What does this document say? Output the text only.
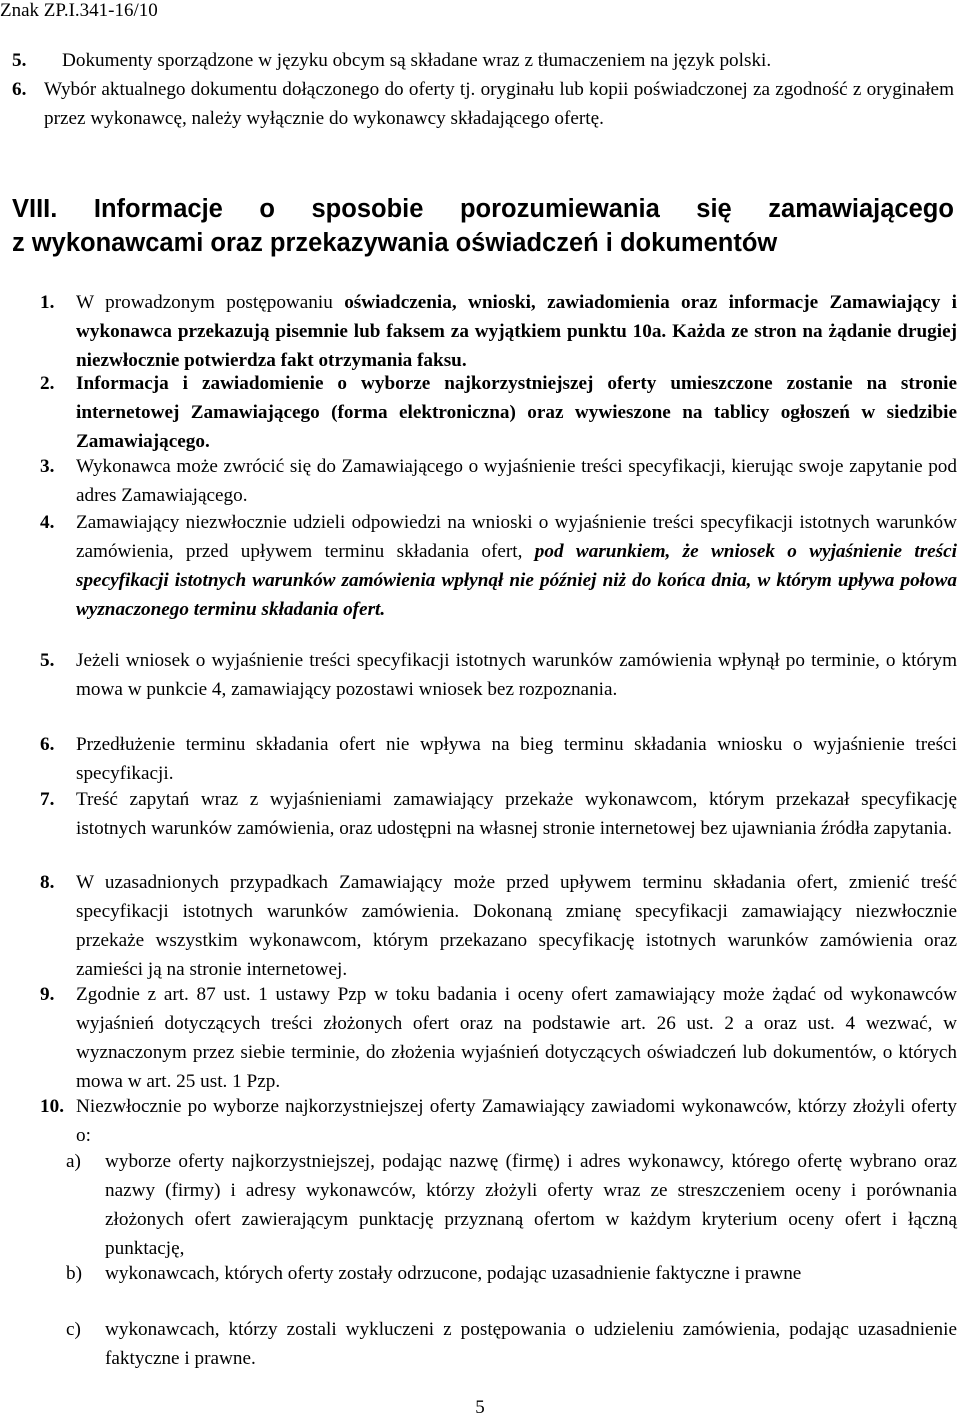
Znak ZP.I.341-16/10
5. Dokumenty sporządzone w języku obcym są składane wraz z tłumaczeniem na język polski.
6. Wybór aktualnego dokumentu dołączonego do oferty tj. oryginału lub kopii poświadczonej za zgodność z oryginałem przez wykonawcę, należy wyłącznie do wykonawcy składającego ofertę.
VIII. Informacje o sposobie porozumiewania się zamawiającego
z wykonawcami oraz przekazywania oświadczeń i dokumentów
1. W prowadzonym postępowaniu oświadczenia, wnioski, zawiadomienia oraz informacje Zamawiający i wykonawca przekazują pisemnie lub faksem za wyjątkiem punktu 10a. Każda ze stron na żądanie drugiej niezwłocznie potwierdza fakt otrzymania faksu.
2. Informacja i zawiadomienie o wyborze najkorzystniejszej oferty umieszczone zostanie na stronie internetowej Zamawiającego (forma elektroniczna) oraz wywieszone na tablicy ogłoszeń w siedzibie Zamawiającego.
3. Wykonawca może zwrócić się do Zamawiającego o wyjaśnienie treści specyfikacji, kierując swoje zapytanie pod adres Zamawiającego.
4. Zamawiający niezwłocznie udzieli odpowiedzi na wnioski o wyjaśnienie treści specyfikacji istotnych warunków zamówienia, przed upływem terminu składania ofert, pod warunkiem, że wniosek o wyjaśnienie treści specyfikacji istotnych warunków zamówienia wpłynął nie później niż do końca dnia, w którym upływa połowa wyznaczonego terminu składania ofert.
5. Jeżeli wniosek o wyjaśnienie treści specyfikacji istotnych warunków zamówienia wpłynął po terminie, o którym mowa w punkcie 4, zamawiający pozostawi wniosek bez rozpoznania.
6. Przedłużenie terminu składania ofert nie wpływa na bieg terminu składania wniosku o wyjaśnienie treści specyfikacji.
7. Treść zapytań wraz z wyjaśnieniami zamawiający przekaże wykonawcom, którym przekazał specyfikację istotnych warunków zamówienia, oraz udostępni na własnej stronie internetowej bez ujawniania źródła zapytania.
8. W uzasadnionych przypadkach Zamawiający może przed upływem terminu składania ofert, zmienić treść specyfikacji istotnych warunków zamówienia. Dokonaną zmianę specyfikacji zamawiający niezwłocznie przekaże wszystkim wykonawcom, którym przekazano specyfikację istotnych warunków zamówienia oraz zamieści ją na stronie internetowej.
9. Zgodnie z art. 87 ust. 1 ustawy Pzp w toku badania i oceny ofert zamawiający może żądać od wykonawców wyjaśnień dotyczących treści złożonych ofert oraz na podstawie art. 26 ust. 2 a oraz ust. 4 wezwać, w wyznaczonym przez siebie terminie, do złożenia wyjaśnień dotyczących oświadczeń lub dokumentów, o których mowa w art. 25 ust. 1 Pzp.
10. Niezwłocznie po wyborze najkorzystniejszej oferty Zamawiający zawiadomi wykonawców, którzy złożyli oferty o:
a) wyborze oferty najkorzystniejszej, podając nazwę (firmę) i adres wykonawcy, którego ofertę wybrano oraz nazwy (firmy) i adresy wykonawców, którzy złożyli oferty wraz ze streszczeniem oceny i porównania złożonych ofert zawierającym punktację przyznaną ofertom w każdym kryterium oceny ofert i łączną punktację,
b) wykonawcach, których oferty zostały odrzucone, podając uzasadnienie faktyczne i prawne
c) wykonawcach, którzy zostali wykluczeni z postępowania o udzieleniu zamówienia, podając uzasadnienie faktyczne i prawne.
5
